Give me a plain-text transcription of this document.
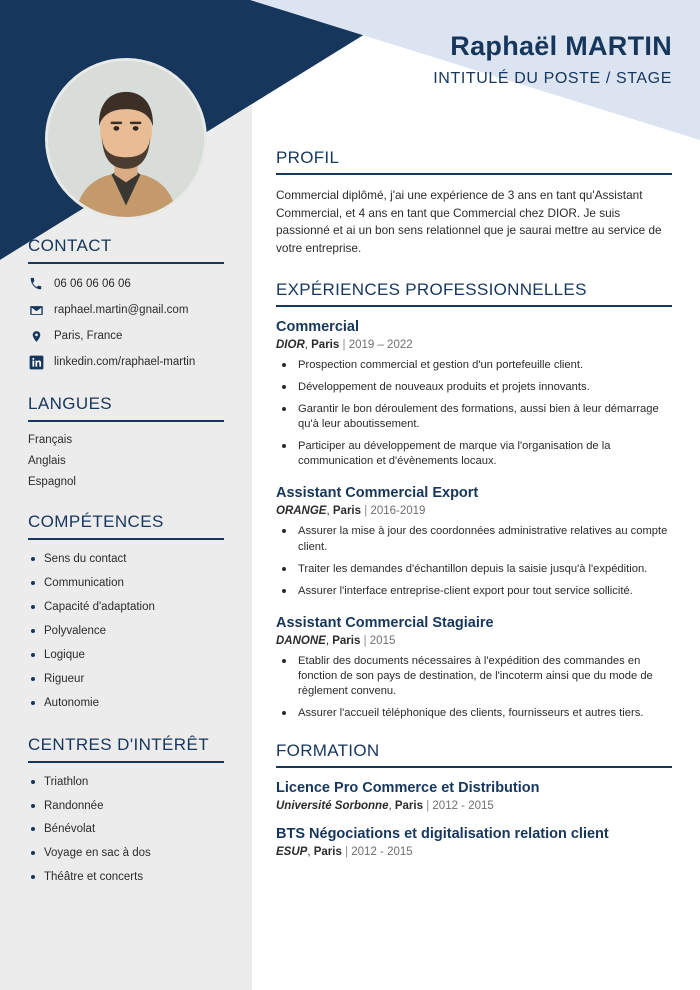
Raphaël MARTIN
INTITULÉ DU POSTE / STAGE
CONTACT
06 06 06 06 06
raphael.martin@gnail.com
Paris, France
linkedin.com/raphael-martin
LANGUES
Français
Anglais
Espagnol
COMPÉTENCES
Sens du contact
Communication
Capacité d'adaptation
Polyvalence
Logique
Rigueur
Autonomie
CENTRES D'INTÉRÊT
Triathlon
Randonnée
Bénévolat
Voyage en sac à dos
Théâtre et concerts
PROFIL
Commercial diplômé, j'ai une expérience de 3 ans en tant qu'Assistant Commercial, et 4 ans en tant que Commercial chez DIOR. Je suis passionné et ai un bon sens relationnel que je saurai mettre au service de votre entreprise.
EXPÉRIENCES PROFESSIONNELLES
Commercial
DIOR, Paris | 2019 – 2022
Prospection commercial et gestion d'un portefeuille client.
Développement de nouveaux produits et projets innovants.
Garantir le bon déroulement des formations, aussi bien à leur démarrage qu'à leur aboutissement.
Participer au développement de marque via l'organisation de la communication et d'évènements locaux.
Assistant Commercial Export
ORANGE, Paris | 2016-2019
Assurer la mise à jour des coordonnées administrative relatives au compte client.
Traiter les demandes d'échantillon depuis la saisie jusqu'à l'expédition.
Assurer l'interface entreprise-client export pour tout service sollicité.
Assistant Commercial Stagiaire
DANONE, Paris | 2015
Etablir des documents nécessaires à l'expédition des commandes en fonction de son pays de destination, de l'incoterm ainsi que du mode de règlement convenu.
Assurer l'accueil téléphonique des clients, fournisseurs et autres tiers.
FORMATION
Licence Pro Commerce et Distribution
Université Sorbonne, Paris | 2012 - 2015
BTS Négociations et digitalisation relation client
ESUP, Paris | 2012 - 2015
